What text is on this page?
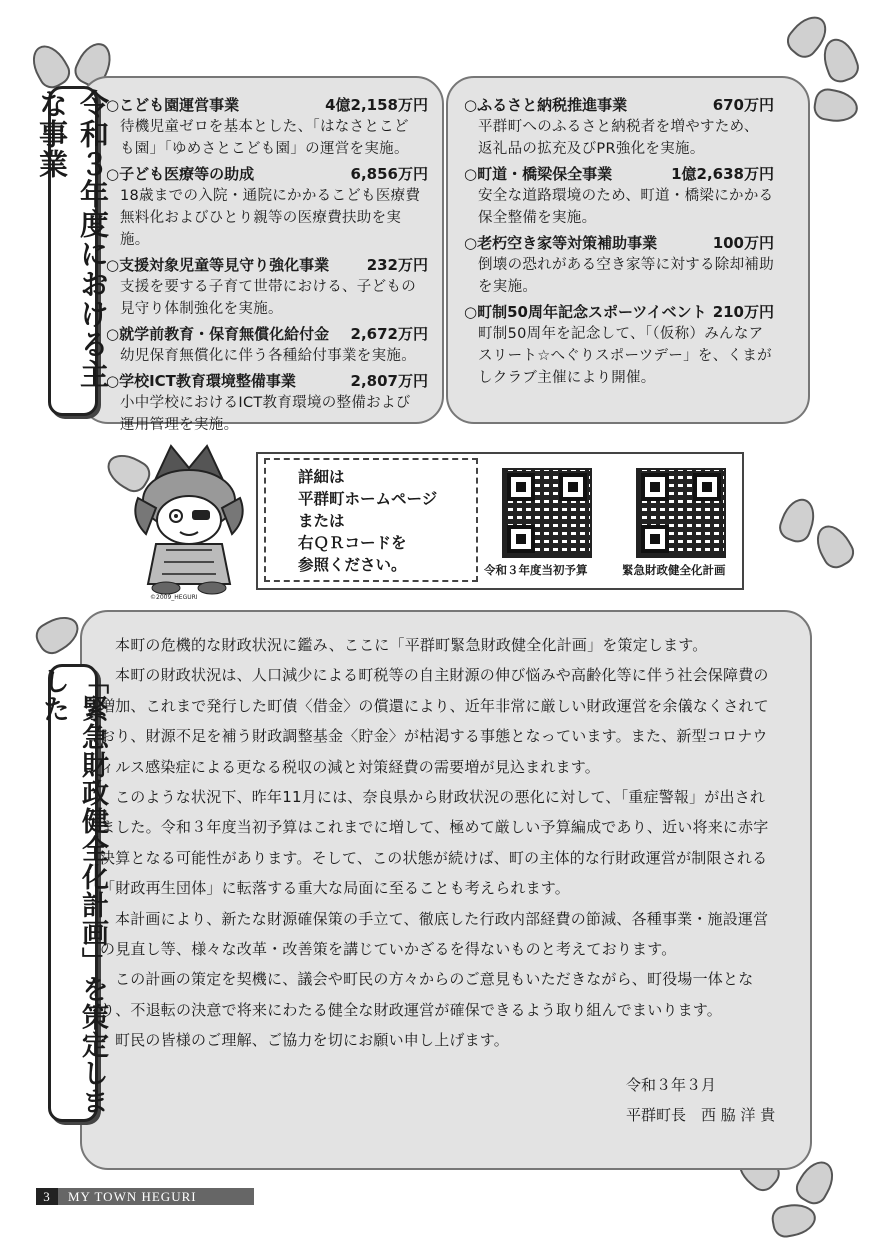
令和３年度における主な事業	○こども園運営事業	4億2,158万円
待機児童ゼロを基本とした、「はなさとこど
も園」「ゆめさとこども園」の運営を実施。
○子ども医療等の助成	6,856万円
18歳までの入院・通院にかかるこども医療費
無料化およびひとり親等の医療費扶助を実施。
○支援対象児童等見守り強化事業	232万円
支援を要する子育て世帯における、子どもの
見守り体制強化を実施。
○就学前教育・保育無償化給付金 2,672万円
幼児保育無償化に伴う各種給付事業を実施。
○学校ICT教育環境整備事業	2,807万円
小中学校におけるICT教育環境の整備および
運用管理を実施。
○ふるさと納税推進事業	670万円
平群町へのふるさと納税者を増やすため、
返礼品の拡充及びPR強化を実施。
○町道・橋梁保全事業	1億2,638万円
安全な道路環境のため、町道・橋梁にかかる
保全整備を実施。
○老朽空き家等対策補助事業	100万円
倒壊の恐れがある空き家等に対する除却補助
を実施。
○町制50周年記念スポーツイベント 210万円
町制50周年を記念して、「（仮称）みんなア
スリート☆へぐりスポーツデー」を、くまが
しクラブ主催により開催。
©2009_HEGURI
詳細は
平群町ホームページ
または
右ＱＲコードを
参照ください。	令和３年度当初予算	緊急財政健全化計画
「緊急財政健全化計画」を策定しました

本町の危機的な財政状況に鑑み、ここに「平群町緊急財政健全化計画」を策定します。

本町の財政状況は、人口減少による町税等の自主財源の伸び悩みや高齢化等に伴う社会保障費の増加、これまで発行した町債〈借金〉の償還により、近年非常に厳しい財政運営を余儀なくされており、財源不足を補う財政調整基金〈貯金〉が枯渇する事態となっています。また、新型コロナウィルス感染症による更なる税収の減と対策経費の需要増が見込まれます。

このような状況下、昨年11月には、奈良県から財政状況の悪化に対して、「重症警報」が出されました。令和３年度当初予算はこれまでに増して、極めて厳しい予算編成であり、近い将来に赤字決算となる可能性があります。そして、この状態が続けば、町の主体的な行財政運営が制限される「財政再生団体」に転落する重大な局面に至ることも考えられます。

本計画により、新たな財源確保策の手立て、徹底した行政内部経費の節減、各種事業・施設運営の見直し等、様々な改革・改善策を講じていかざるを得ないものと考えております。

この計画の策定を契機に、議会や町民の方々からのご意見もいただきながら、町役場一体となり、不退転の決意で将来にわたる健全な財政運営が確保できるよう取り組んでまいります。

町民の皆様のご理解、ご協力を切にお願い申し上げます。

令和３年３月
平群町長　西 脇 洋 貴
3 MY TOWN HEGURI
